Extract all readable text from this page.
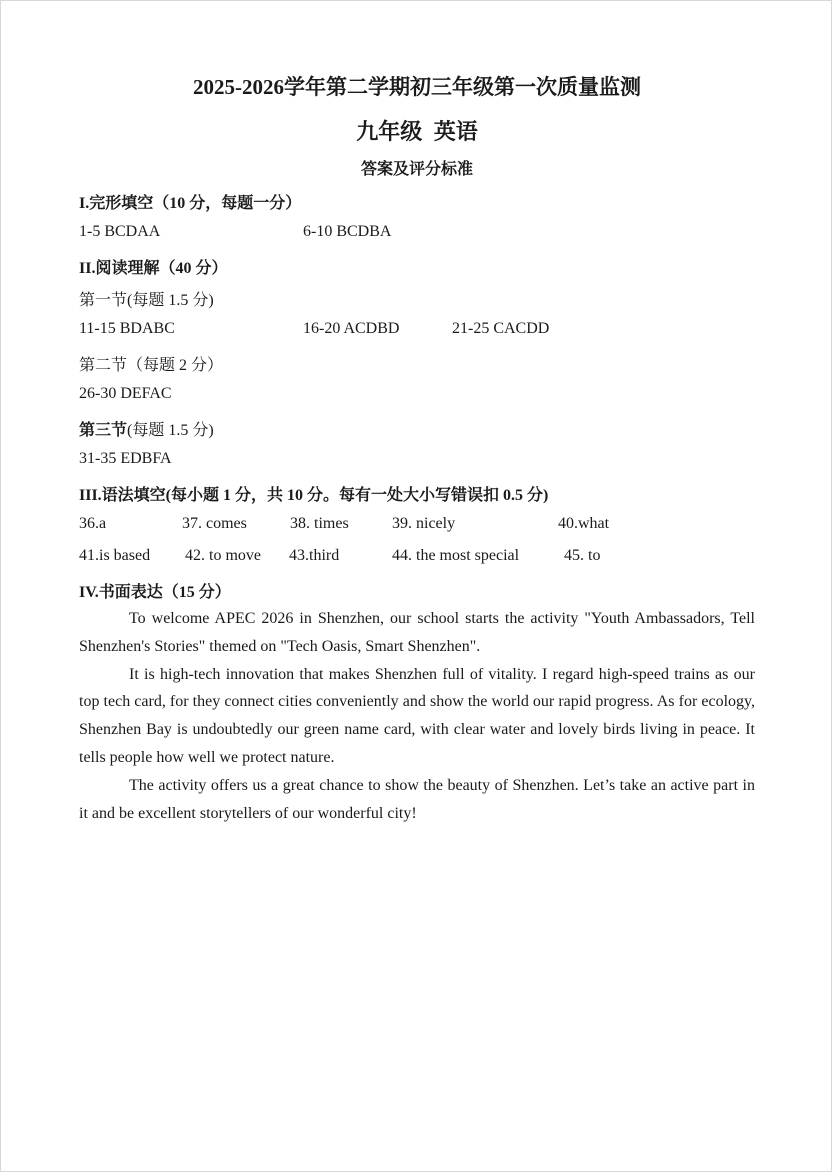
2025-2026学年第二学期初三年级第一次质量监测
九年级 英语
答案及评分标准
I.完形填空（10 分，每题一分）
1-5 BCDAA	6-10 BCDBA
II.阅读理解（40 分）
第一节(每题 1.5 分)
11-15 BDABC	16-20 ACDBD	21-25 CACDD
第二节（每题 2 分）
26-30 DEFAC
第三节(每题 1.5 分)
31-35 EDBFA
III.语法填空(每小题 1 分，共 10 分。每有一处大小写错误扣 0.5 分)
36.a	37. comes	38. times	39. nicely	40.what
41.is based 42. to move 43.third	44. the most special	45. to
IV.书面表达（15 分）

To welcome APEC 2026 in Shenzhen, our school starts the activity "Youth Ambassadors, Tell Shenzhen's Stories" themed on "Tech Oasis, Smart Shenzhen".

It is high-tech innovation that makes Shenzhen full of vitality. I regard high-speed trains as our top tech card, for they connect cities conveniently and show the world our rapid progress. As for ecology, Shenzhen Bay is undoubtedly our green name card, with clear water and lovely birds living in peace. It tells people how well we protect nature.

The activity offers us a great chance to show the beauty of Shenzhen. Let’s take an active part in it and be excellent storytellers of our wonderful city!
